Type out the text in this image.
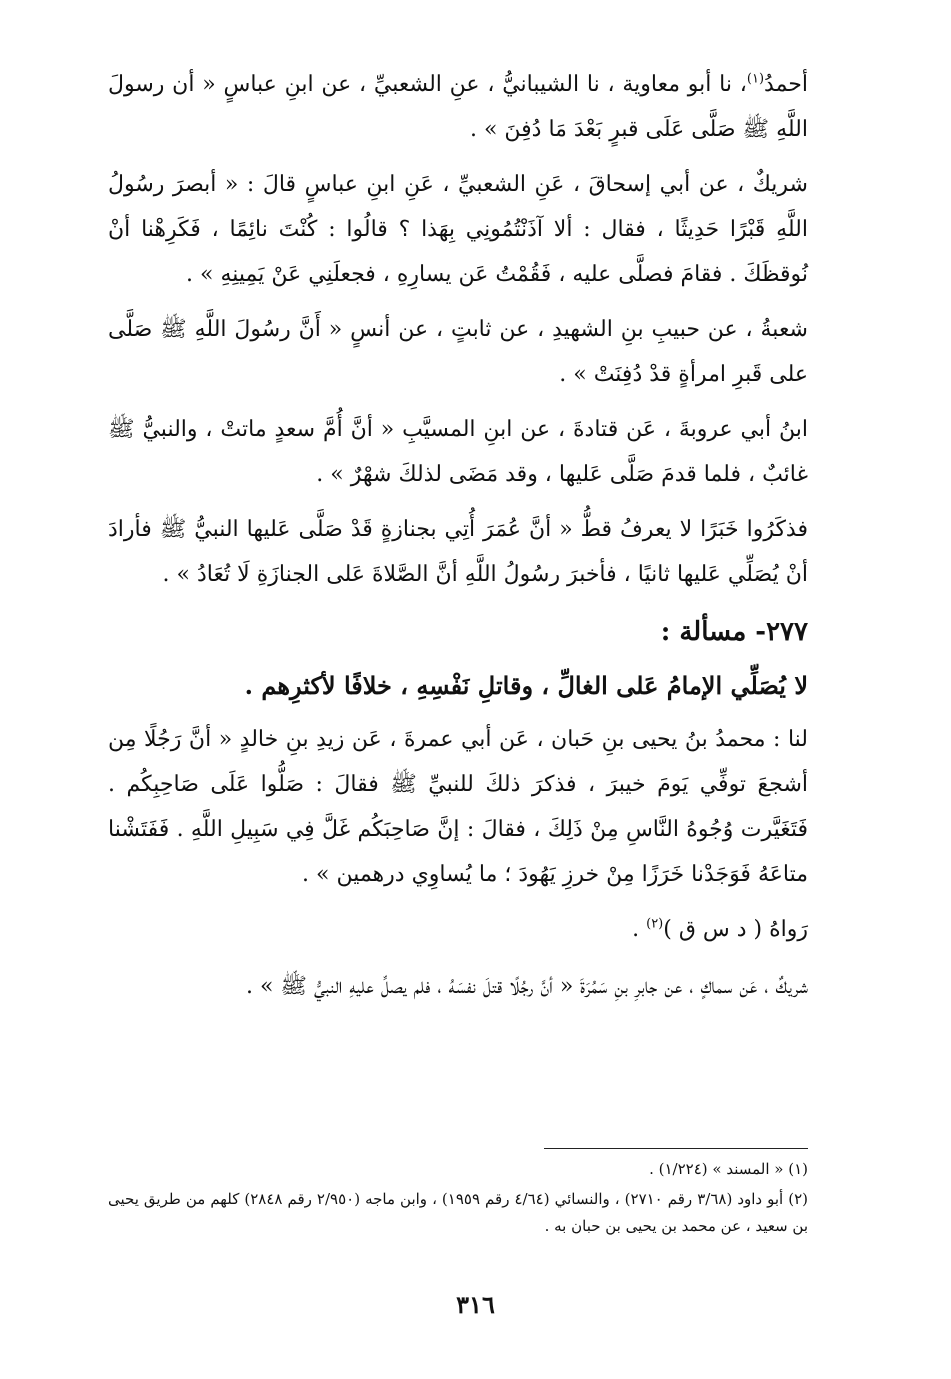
أحمدُ$^{(١)}$، نا أبو معاوية ، نا الشيبانيُّ ، عنِ الشعبيِّ ، عن ابنِ عباسٍ « أن رسولَ اللَّهِ ﷺ صَلَّى عَلَى قبرٍ بَعْدَ مَا دُفِنَ » .

شريكٌ ، عن أبي إسحاقَ ، عَنِ الشعبيِّ ، عَنِ ابنِ عباسٍ قالَ : « أبصرَ رسُولُ اللَّهِ قَبْرًا حَدِيثًا ، فقال : ألا آذَنْتُمُونِي بِهَذا ؟ قالُوا : كُنْتَ نائِمًا ، فَكَرِهْنا أنْ نُوقظَكَ . فقامَ فصلَّى عليه ، فَقُمْتُ عَن يسارِهِ ، فجعلَنِي عَنْ يَمِينِهِ » .

شعبةُ ، عن حبيبِ بنِ الشهيدِ ، عن ثابتٍ ، عن أنسٍ « أَنَّ رسُولَ اللَّهِ ﷺ صَلَّى على قَبرِ امرأةٍ قدْ دُفِنَتْ » .

ابنُ أبي عروبةَ ، عَن قتادةَ ، عن ابنِ المسيَّبِ « أنَّ أُمَّ سعدٍ ماتتْ ، والنبيُّ ﷺ غائبٌ ، فلما قدمَ صَلَّى عَليها ، وقد مَضَى لذلكَ شهْرٌ » .

فذكَرُوا خَبَرًا لا يعرفُ قطُّ « أنَّ عُمَرَ أُتِي بجنازةٍ قَدْ صَلَّى عَليها النبيُّ ﷺ فأرادَ أنْ يُصَلِّي عَليها ثانيًا ، فأخبرَ رسُولُ اللَّهِ أنَّ الصَّلاةَ عَلى الجنازَةِ لَا تُعَادُ » .

٢٧٧- مسألة :

لا يُصَلِّي الإمامُ عَلى الغالِّ ، وقاتلِ نَفْسِهِ ، خلافًا لأكثرِهم .

لنا : محمدُ بنُ يحيى بنِ حَبان ، عَن أبي عمرةَ ، عَن زيدِ بنِ خالدٍ « أنَّ رَجُلًا مِن أشجعَ توفِّي يَومَ خيبرَ ، فذكرَ ذلكَ للنبيِّ ﷺ فقالَ : صَلُّوا عَلَى صَاحِبِكُم . فَتَغَيَّرت وُجُوهُ النَّاسِ مِنْ ذَلِكَ ، فقالَ : إنَّ صَاحِبَكُم غَلَّ فِي سَبِيلِ اللَّهِ . فَفَتَشْنا متاعَهُ فَوَجَدْنا خَرَزًا مِنْ خرزِ يَهُودَ ؛ ما يُساوِي درهمين » .

رَواهُ ( د س ق )$^{(٢)}$ .

شريكٌ ، عَن سماكٍ ، عن جابرِ بنِ سَمُرَةَ « أنَّ رجُلًا قتلَ نفسَهُ ، فلم يصلِّ عليهِ النبيُّ ﷺ » .

(١) « المسند » (١/٢٢٤) .

(٢) أبو داود (٣/٦٨ رقم ٢٧١٠) ، والنسائي (٤/٦٤ رقم ١٩٥٩) ، وابن ماجه (٢/٩٥٠ رقم ٢٨٤٨) كلهم من طريق يحيى بن سعيد ، عن محمد بن يحيى بن حبان به .

٣١٦
